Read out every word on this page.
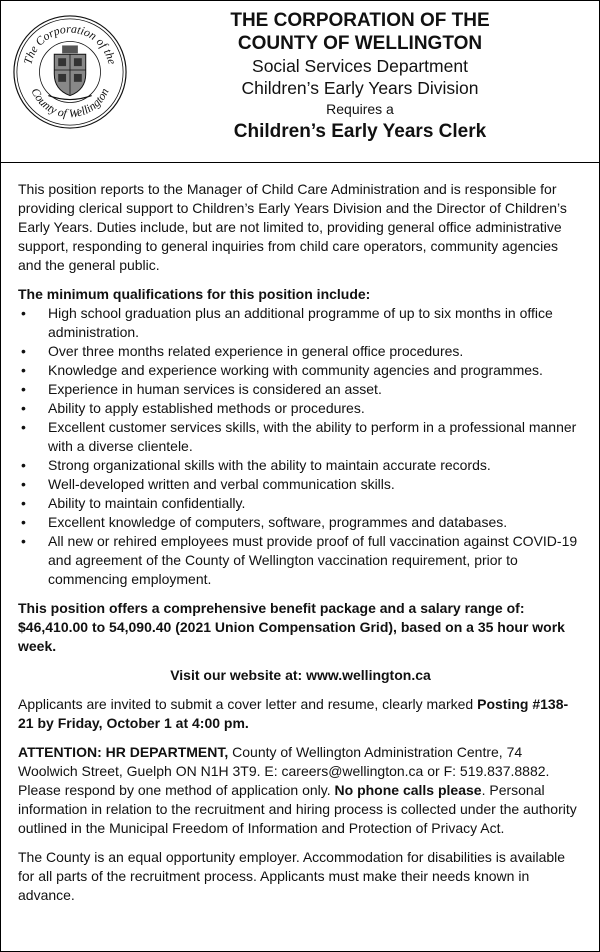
The Corporation of the
County of Wellington
THE CORPORATION OF THE
COUNTY OF WELLINGTON
Social Services Department
Children’s Early Years Division
Requires a
Children’s Early Years Clerk

This position reports to the Manager of Child Care Administration and is responsible for providing clerical support to Children’s Early Years Division and the Director of Children’s Early Years. Duties include, but are not limited to, providing general office administrative support, responding to general inquiries from child care operators, community agencies and the general public.

The minimum qualifications for this position include:
• High school graduation plus an additional programme of up to six months in office administration.
• Over three months related experience in general office procedures.
• Knowledge and experience working with community agencies and programmes.
• Experience in human services is considered an asset.
• Ability to apply established methods or procedures.
• Excellent customer services skills, with the ability to perform in a professional manner with a diverse clientele.
• Strong organizational skills with the ability to maintain accurate records.
• Well-developed written and verbal communication skills.
• Ability to maintain confidentially.
• Excellent knowledge of computers, software, programmes and databases.
• All new or rehired employees must provide proof of full vaccination against COVID-19 and agreement of the County of Wellington vaccination requirement, prior to commencing employment.

This position offers a comprehensive benefit package and a salary range of: $46,410.00 to 54,090.40 (2021 Union Compensation Grid), based on a 35 hour work week.

Visit our website at: www.wellington.ca

Applicants are invited to submit a cover letter and resume, clearly marked Posting #138-21 by Friday, October 1 at 4:00 pm.

ATTENTION: HR DEPARTMENT, County of Wellington Administration Centre, 74 Woolwich Street, Guelph ON N1H 3T9. E: careers@wellington.ca or F: 519.837.8882. Please respond by one method of application only. No phone calls please. Personal information in relation to the recruitment and hiring process is collected under the authority outlined in the Municipal Freedom of Information and Protection of Privacy Act.

The County is an equal opportunity employer. Accommodation for disabilities is available for all parts of the recruitment process. Applicants must make their needs known in advance.
